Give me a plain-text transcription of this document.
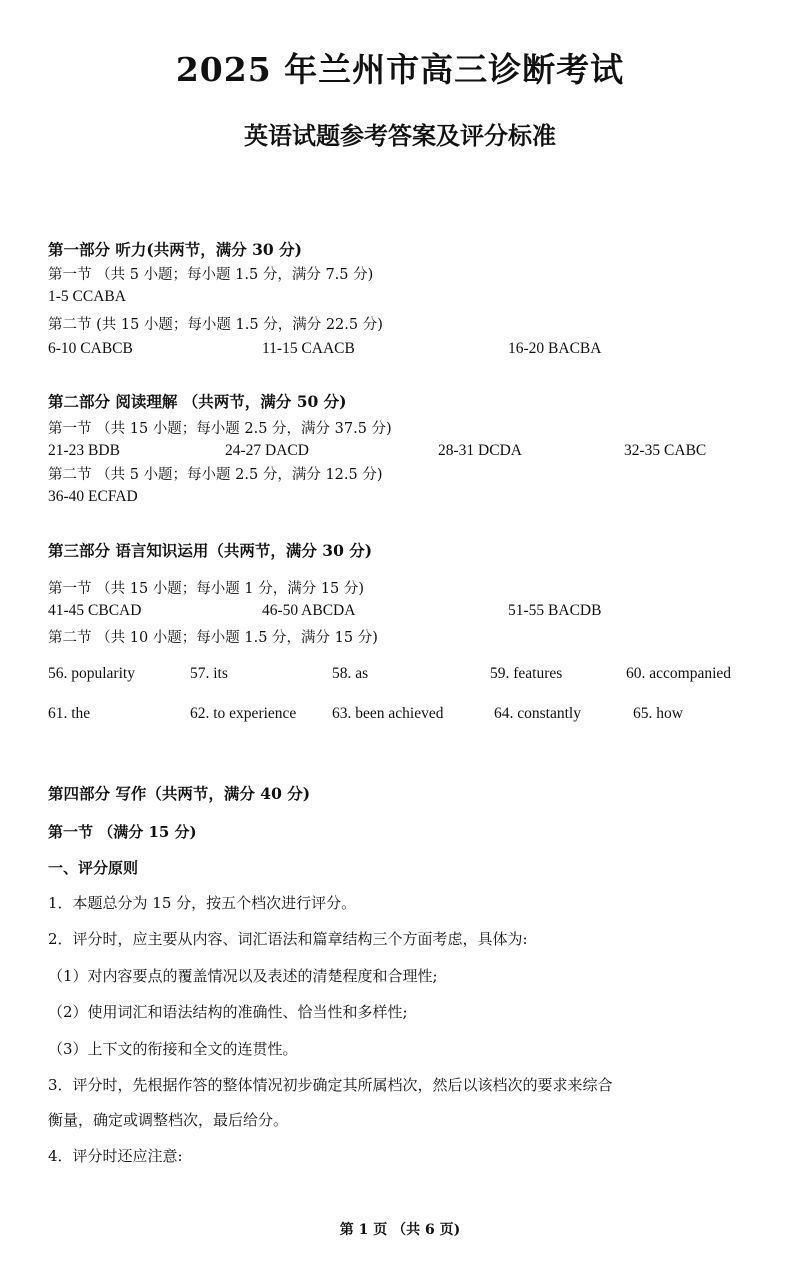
2025 年兰州市高三诊断考试
英语试题参考答案及评分标准
第一部分 听力(共两节，满分 30 分)
第一节 （共 5 小题；每小题 1.5 分，满分 7.5 分)
1-5 CCABA
第二节 (共 15 小题；每小题 1.5 分，满分 22.5 分)
6-10 CABCB	11-15 CAACB	16-20 BACBA
第二部分 阅读理解 （共两节，满分 50 分)
第一节 （共 15 小题；每小题 2.5 分，满分 37.5 分)
21-23 BDB	24-27 DACD	28-31 DCDA	32-35 CABC
第二节 （共 5 小题；每小题 2.5 分，满分 12.5 分)
36-40 ECFAD
第三部分 语言知识运用（共两节，满分 30 分)
第一节 （共 15 小题；每小题 1 分，满分 15 分)
41-45 CBCAD	46-50 ABCDA	51-55 BACDB
第二节 （共 10 小题；每小题 1.5 分，满分 15 分)
56. popularity	57. its	58. as	59. features	60. accompanied
61. the	62. to experience 63. been achieved	64. constantly	65. how
第四部分 写作（共两节，满分 40 分)
第一节 （满分 15 分)
一、评分原则
1．本题总分为 15 分，按五个档次进行评分。
2．评分时，应主要从内容、词汇语法和篇章结构三个方面考虑，具体为:
（1）对内容要点的覆盖情况以及表述的清楚程度和合理性;
（2）使用词汇和语法结构的准确性、恰当性和多样性;
（3）上下文的衔接和全文的连贯性。
3．评分时，先根据作答的整体情况初步确定其所属档次，然后以该档次的要求来综合
衡量，确定或调整档次，最后给分。
4．评分时还应注意:
第 1 页 （共 6 页)
